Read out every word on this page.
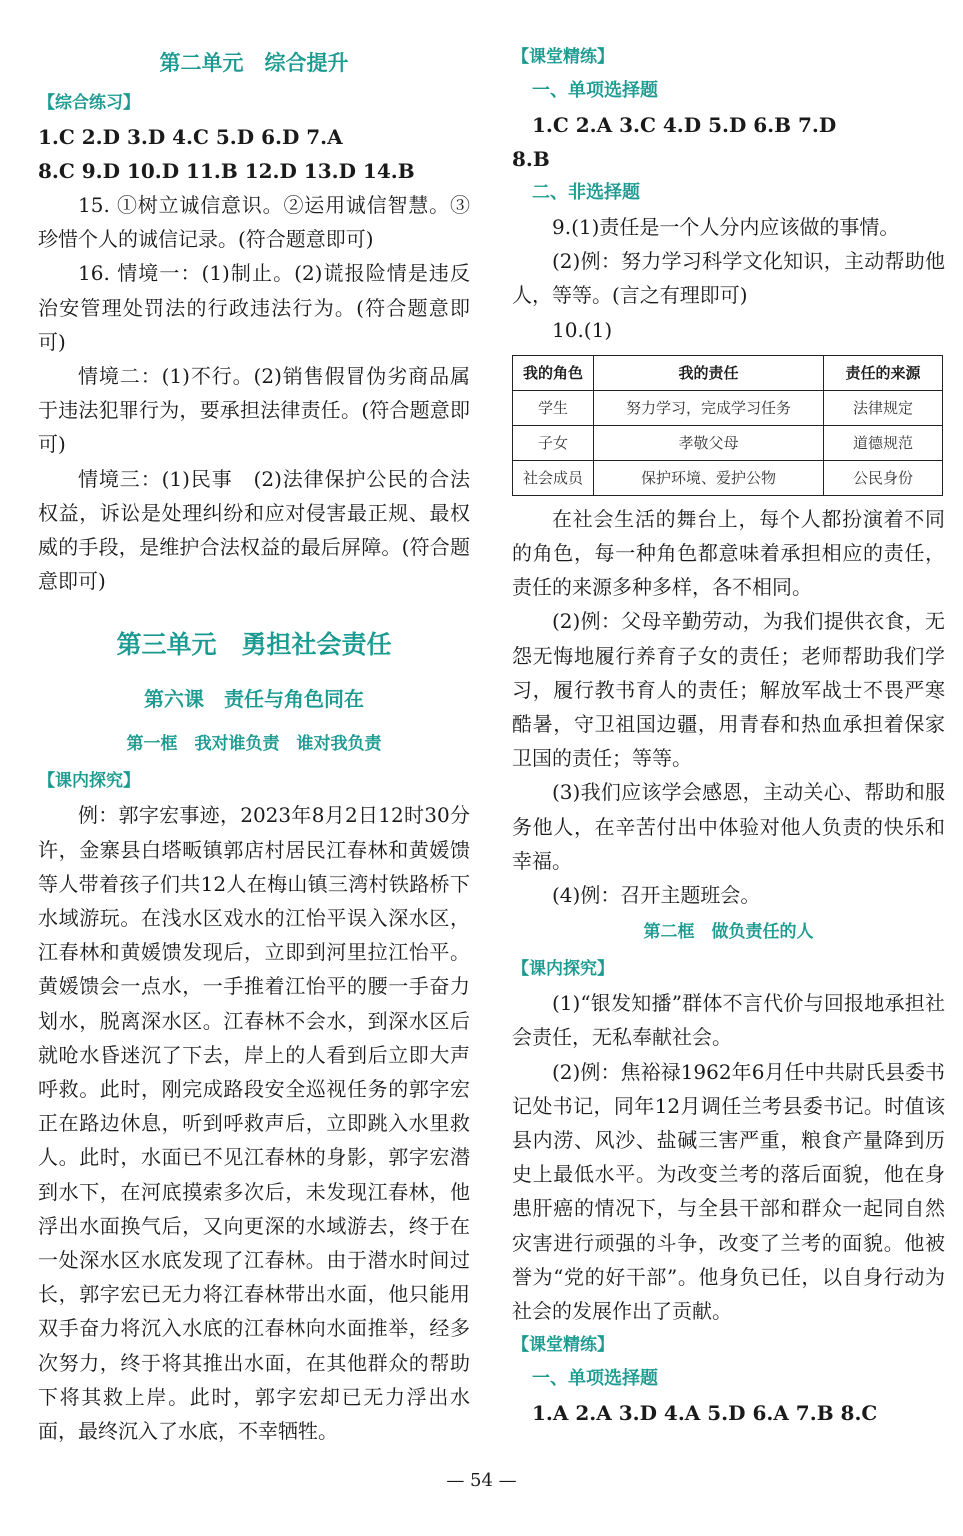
第二单元　综合提升

【综合练习】

1.C 2.D 3.D 4.C 5.D 6.D 7.A

8.C 9.D 10.D 11.B 12.D 13.D 14.B

15. ①树立诚信意识。②运用诚信智慧。③珍惜个人的诚信记录。(符合题意即可)

16. 情境一：(1)制止。(2)谎报险情是违反治安管理处罚法的行政违法行为。(符合题意即可)

情境二：(1)不行。(2)销售假冒伪劣商品属于违法犯罪行为，要承担法律责任。(符合题意即可)

情境三：(1)民事　(2)法律保护公民的合法权益，诉讼是处理纠纷和应对侵害最正规、最权威的手段，是维护合法权益的最后屏障。(符合题意即可)

第三单元　勇担社会责任

第六课　责任与角色同在

第一框　我对谁负责　谁对我负责

【课内探究】

例：郭字宏事迹，2023年8月2日12时30分许，金寨县白塔畈镇郭店村居民江春林和黄媛馈等人带着孩子们共12人在梅山镇三湾村铁路桥下水域游玩。在浅水区戏水的江怡平误入深水区，江春林和黄媛馈发现后，立即到河里拉江怡平。黄媛馈会一点水，一手推着江怡平的腰一手奋力划水，脱离深水区。江春林不会水，到深水区后就呛水昏迷沉了下去，岸上的人看到后立即大声呼救。此时，刚完成路段安全巡视任务的郭字宏正在路边休息，听到呼救声后，立即跳入水里救人。此时，水面已不见江春林的身影，郭字宏潜到水下，在河底摸索多次后，未发现江春林，他浮出水面换气后，又向更深的水域游去，终于在一处深水区水底发现了江春林。由于潜水时间过长，郭字宏已无力将江春林带出水面，他只能用双手奋力将沉入水底的江春林向水面推举，经多次努力，终于将其推出水面，在其他群众的帮助下将其救上岸。此时，郭字宏却已无力浮出水面，最终沉入了水底，不幸牺牲。

【课堂精练】

一、单项选择题

1.C 2.A 3.C 4.D 5.D 6.B 7.D

8.B

二、非选择题

9.(1)责任是一个人分内应该做的事情。

(2)例：努力学习科学文化知识，主动帮助他人，等等。(言之有理即可)

10.(1)

我的角色	我的责任	责任的来源
学生	努力学习，完成学习任务	法律规定
子女	孝敬父母	道德规范
社会成员	保护环境、爱护公物	公民身份

在社会生活的舞台上，每个人都扮演着不同的角色，每一种角色都意味着承担相应的责任，责任的来源多种多样，各不相同。

(2)例：父母辛勤劳动，为我们提供衣食，无怨无悔地履行养育子女的责任；老师帮助我们学习，履行教书育人的责任；解放军战士不畏严寒酷暑，守卫祖国边疆，用青春和热血承担着保家卫国的责任；等等。

(3)我们应该学会感恩，主动关心、帮助和服务他人，在辛苦付出中体验对他人负责的快乐和幸福。

(4)例：召开主题班会。

第二框　做负责任的人

【课内探究】

(1)“银发知播”群体不言代价与回报地承担社会责任，无私奉献社会。

(2)例：焦裕禄1962年6月任中共尉氏县委书记处书记，同年12月调任兰考县委书记。时值该县内涝、风沙、盐碱三害严重，粮食产量降到历史上最低水平。为改变兰考的落后面貌，他在身患肝癌的情况下，与全县干部和群众一起同自然灾害进行顽强的斗争，改变了兰考的面貌。他被誉为“党的好干部”。他身负已任，以自身行动为社会的发展作出了贡献。

【课堂精练】

一、单项选择题

1.A 2.A 3.D 4.A 5.D 6.A 7.B 8.C

— 54 —
